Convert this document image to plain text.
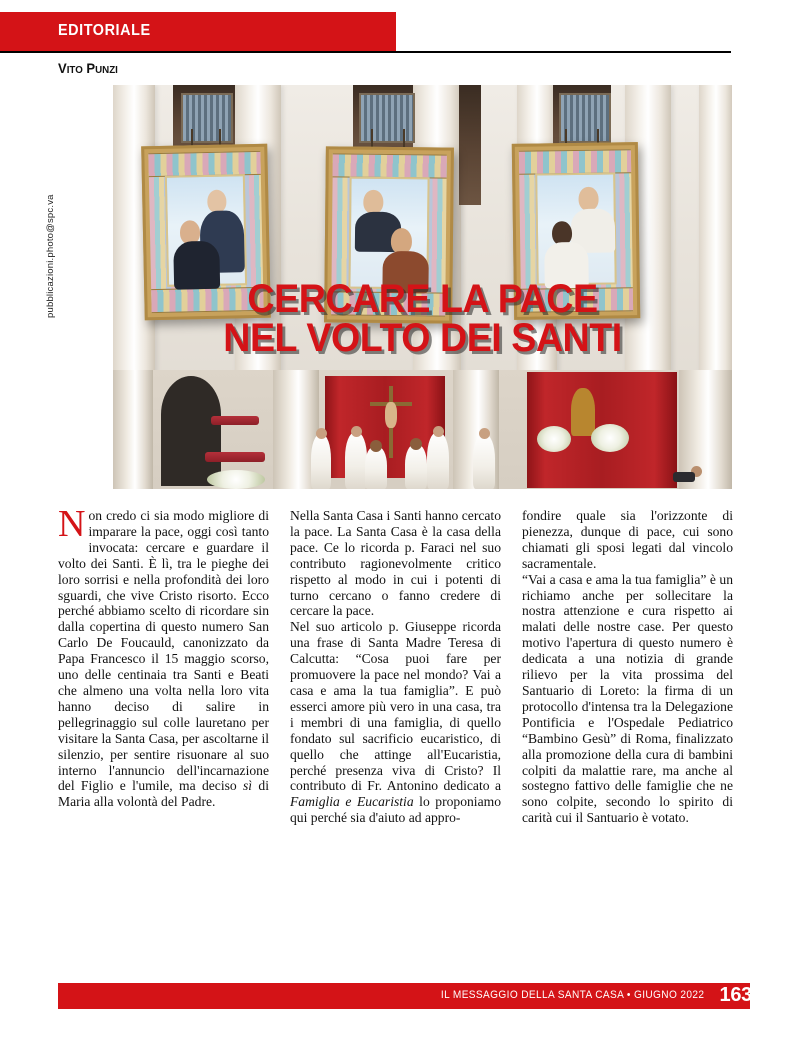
EDITORIALE
VITO PUNZI
pubblicazioni.photo@spc.va	CERCARE LA PACE
NEL VOLTO DEI SANTI

Non credo ci sia modo migliore di imparare la pace, oggi così tanto invocata: cercare e guardare il volto dei Santi. È lì, tra le pieghe dei loro sorrisi e nella profondità dei loro sguardi, che vive Cristo risorto. Ecco perché abbiamo scelto di ricordare sin dalla copertina di questo numero San Carlo De Foucauld, canonizzato da Papa Francesco il 15 maggio scorso, uno delle centinaia tra Santi e Beati che almeno una volta nella loro vita hanno deciso di salire in pellegrinaggio sul colle lauretano per visitare la Santa Casa, per ascoltarne il silenzio, per sentire risuonare al suo interno l'annuncio dell'incarnazione del Figlio e l'umile, ma deciso sì di Maria alla volontà del Padre.

Nella Santa Casa i Santi hanno cercato la pace. La Santa Casa è la casa della pace. Ce lo ricorda p. Faraci nel suo contributo ragionevolmente critico rispetto al modo in cui i potenti di turno cercano o fanno credere di cercare la pace.

Nel suo articolo p. Giuseppe ricorda una frase di Santa Madre Teresa di Calcutta: “Cosa puoi fare per promuovere la pace nel mondo? Vai a casa e ama la tua famiglia”. E può esserci amore più vero in una casa, tra i membri di una famiglia, di quello fondato sul sacrificio eucaristico, di quello che attinge all'Eucaristia, perché presenza viva di Cristo? Il contributo di Fr. Antonino dedicato a Famiglia e Eucaristia lo proponiamo qui perché sia d'aiuto ad appro-

fondire quale sia l'orizzonte di pienezza, dunque di pace, cui sono chiamati gli sposi legati dal vincolo sacramentale.

“Vai a casa e ama la tua famiglia” è un richiamo anche per sollecitare la nostra attenzione e cura rispetto ai malati delle nostre case. Per questo motivo l'apertura di questo numero è dedicata a una notizia di grande rilievo per la vita prossima del Santuario di Loreto: la firma di un protocollo d'intensa tra la Delegazione Pontificia e l'Ospedale Pediatrico “Bambino Gesù” di Roma, finalizzato alla promozione della cura di bambini colpiti da malattie rare, ma anche al sostegno fattivo delle famiglie che ne sono colpite, secondo lo spirito di carità cui il Santuario è votato.

IL MESSAGGIO DELLA SANTA CASA • GIUGNO 2022 163
